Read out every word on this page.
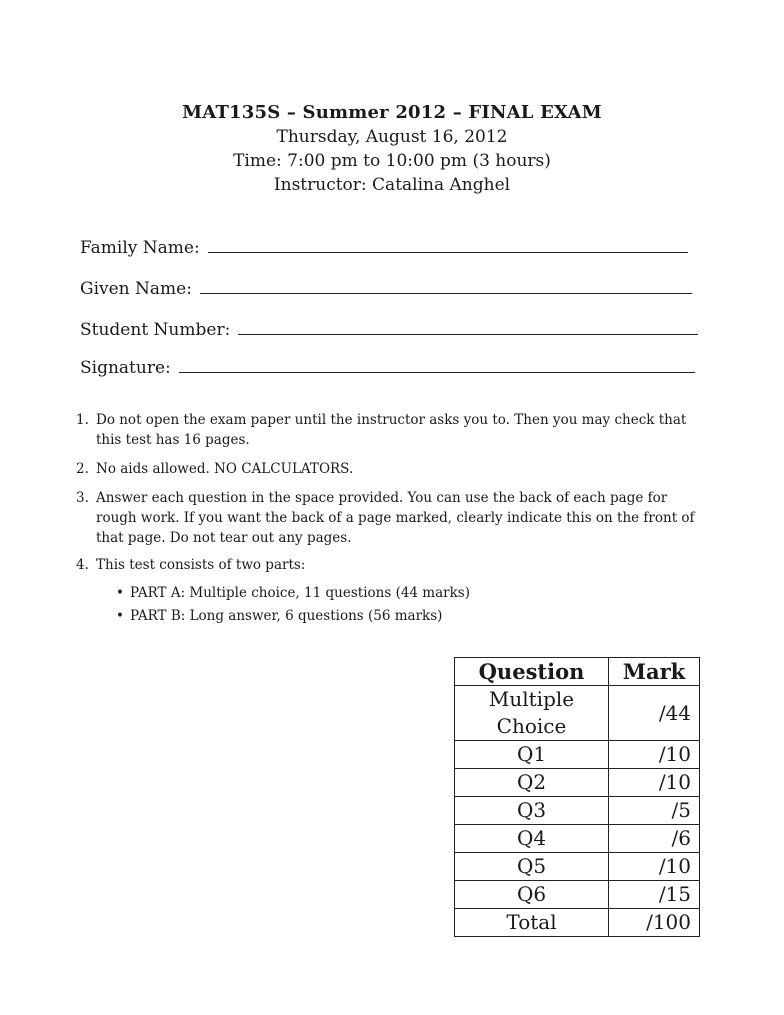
MAT135S – Summer 2012 – FINAL EXAM
Thursday, August 16, 2012
Time: 7:00 pm to 10:00 pm (3 hours)
Instructor: Catalina Anghel
Family Name:
Given Name:
Student Number:
Signature:
1. Do not open the exam paper until the instructor asks you to. Then you may check that this test has 16 pages.
2. No aids allowed. NO CALCULATORS.
3. Answer each question in the space provided. You can use the back of each page for rough work. If you want the back of a page marked, clearly indicate this on the front of that page. Do not tear out any pages.
4. This test consists of two parts:
• PART A: Multiple choice, 11 questions (44 marks)
• PART B: Long answer, 6 questions (56 marks)
Question	Mark
Multiple Choice	/44
Q1	/10
Q2	/10
Q3	/5
Q4	/6
Q5	/10
Q6	/15
Total	/100
